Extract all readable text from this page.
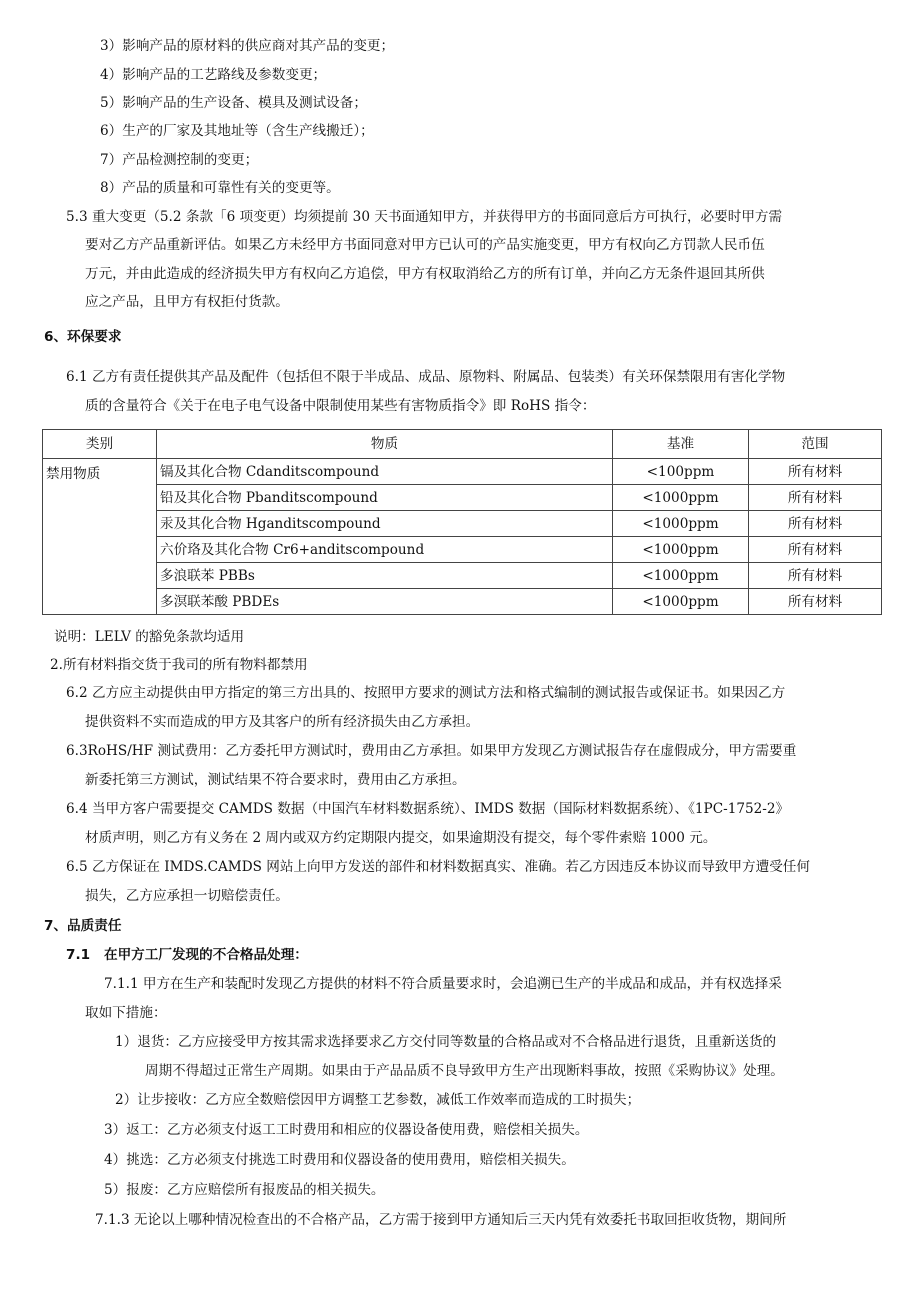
3）影响产品的原材料的供应商对其产品的变更；
4）影响产品的工艺路线及参数变更；
5）影响产品的生产设备、模具及测试设备；
6）生产的厂家及其地址等（含生产线搬迁）；
7）产品检测控制的变更；
8）产品的质量和可靠性有关的变更等。
5.3 重大变更（5.2 条款「6 项变更）均须提前 30 天书面通知甲方，并获得甲方的书面同意后方可执行，必要时甲方需
要对乙方产品重新评估。如果乙方未经甲方书面同意对甲方已认可的产品实施变更，甲方有权向乙方罚款人民币伍
万元，并由此造成的经济损失甲方有权向乙方追偿，甲方有权取消给乙方的所有订单，并向乙方无条件退回其所供
应之产品，且甲方有权拒付货款。
6、环保要求
6.1 乙方有责任提供其产品及配件（包括但不限于半成品、成品、原物料、附属品、包装类）有关环保禁限用有害化学物
质的含量符合《关于在电子电气设备中限制使用某些有害物质指令》即 RoHS 指令：
类别	物质	基准	范围
禁用物质	镉及其化合物 Cdanditscompound	<100ppm	所有材料
	铅及其化合物 Pbanditscompound	<1000ppm	所有材料
	汞及其化合物 Hganditscompound	<1000ppm	所有材料
	六价珞及其化合物 Cr6+anditscompound	<1000ppm	所有材料
	多浪联苯 PBBs	<1000ppm	所有材料
	多溟联苯酸 PBDEs	<1000ppm	所有材料
说明：LELV 的豁免条款均适用
2.所有材料指交货于我司的所有物料都禁用
6.2 乙方应主动提供由甲方指定的第三方出具的、按照甲方要求的测试方法和格式编制的测试报告或保证书。如果因乙方
提供资料不实而造成的甲方及其客户的所有经济损失由乙方承担。
6.3RoHS/HF 测试费用：乙方委托甲方测试时，费用由乙方承担。如果甲方发现乙方测试报告存在虚假成分，甲方需要重
新委托第三方测试，测试结果不符合要求时，费用由乙方承担。
6.4 当甲方客户需要提交 CAMDS 数据（中国汽车材料数据系统）、IMDS 数据（国际材料数据系统）、《1PC-1752-2》
材质声明，则乙方有义务在 2 周内或双方约定期限内提交，如果逾期没有提交，每个零件索赔 1000 元。
6.5 乙方保证在 IMDS.CAMDS 网站上向甲方发送的部件和材料数据真实、准确。若乙方因违反本协议而导致甲方遭受任何
损失，乙方应承担一切赔偿责任。
7、品质责任
7.1 在甲方工厂发现的不合格品处理：
7.1.1 甲方在生产和装配时发现乙方提供的材料不符合质量要求时，会追溯已生产的半成品和成品，并有权选择采
取如下措施：
1）退货：乙方应接受甲方按其需求选择要求乙方交付同等数量的合格品或对不合格品进行退货，且重新送货的
周期不得超过正常生产周期。如果由于产品品质不良导致甲方生产出现断料事故，按照《采购协议》处理。
2）让步接收：乙方应全数赔偿因甲方调整工艺参数，减低工作效率而造成的工时损失；
3）返工：乙方必须支付返工工时费用和相应的仪器设备使用费，赔偿相关损失。
4）挑选：乙方必须支付挑选工时费用和仪器设备的使用费用，赔偿相关损失。
5）报废：乙方应赔偿所有报废品的相关损失。
7.1.3 无论以上哪种情况检查出的不合格产品，乙方需于接到甲方通知后三天内凭有效委托书取回拒收货物，期间所
